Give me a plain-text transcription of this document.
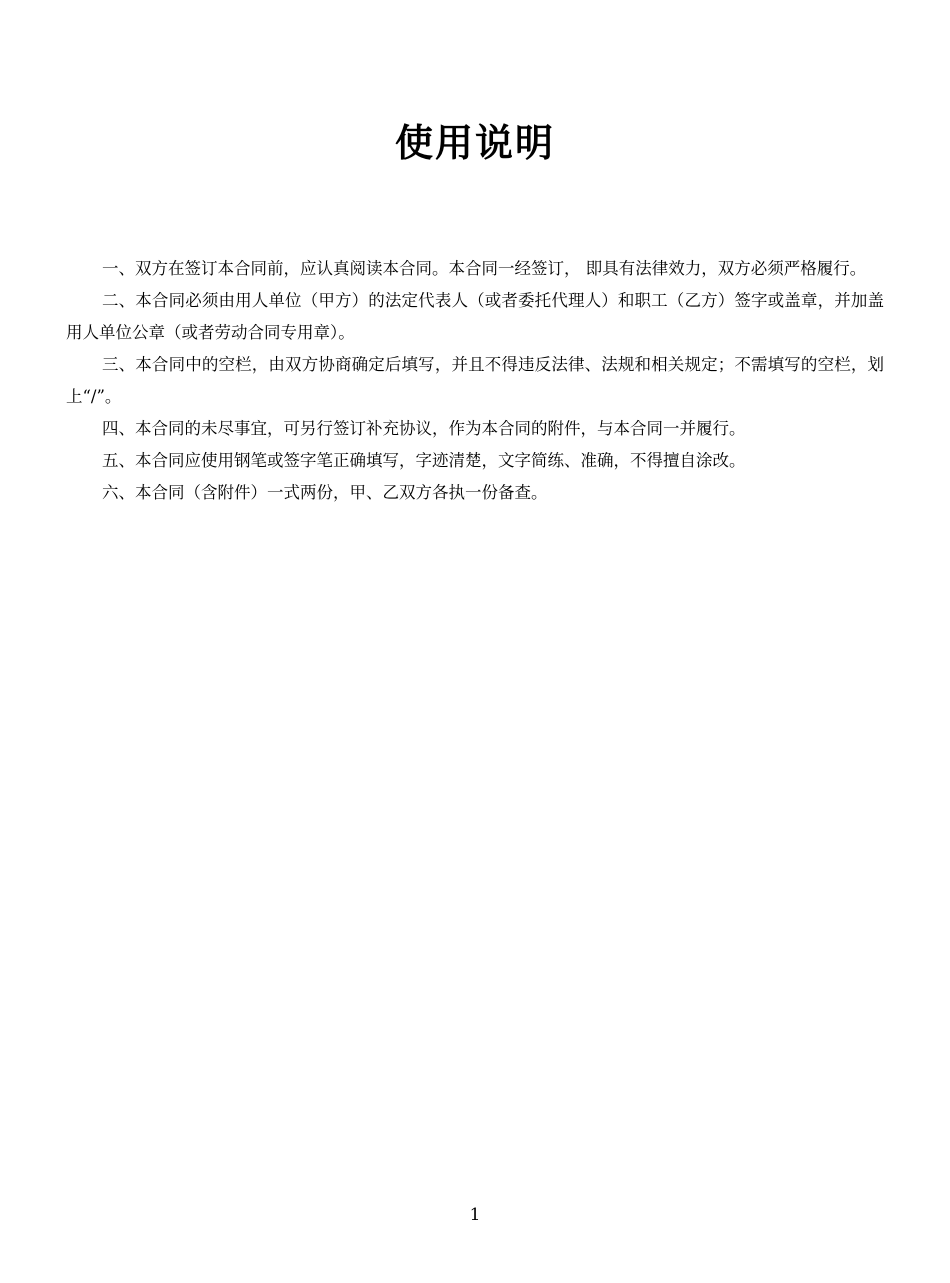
使用说明

一、双方在签订本合同前，应认真阅读本合同。本合同一经签订， 即具有法律效力，双方必须严格履行。

二、本合同必须由用人单位（甲方）的法定代表人（或者委托代理人）和职工（乙方）签字或盖章，并加盖用人单位公章（或者劳动合同专用章）。

三、本合同中的空栏，由双方协商确定后填写，并且不得违反法律、法规和相关规定；不需填写的空栏，划上“/”。

四、本合同的未尽事宜，可另行签订补充协议，作为本合同的附件，与本合同一并履行。

五、本合同应使用钢笔或签字笔正确填写，字迹清楚，文字简练、准确，不得擅自涂改。

六、本合同（含附件）一式两份，甲、乙双方各执一份备查。

1
